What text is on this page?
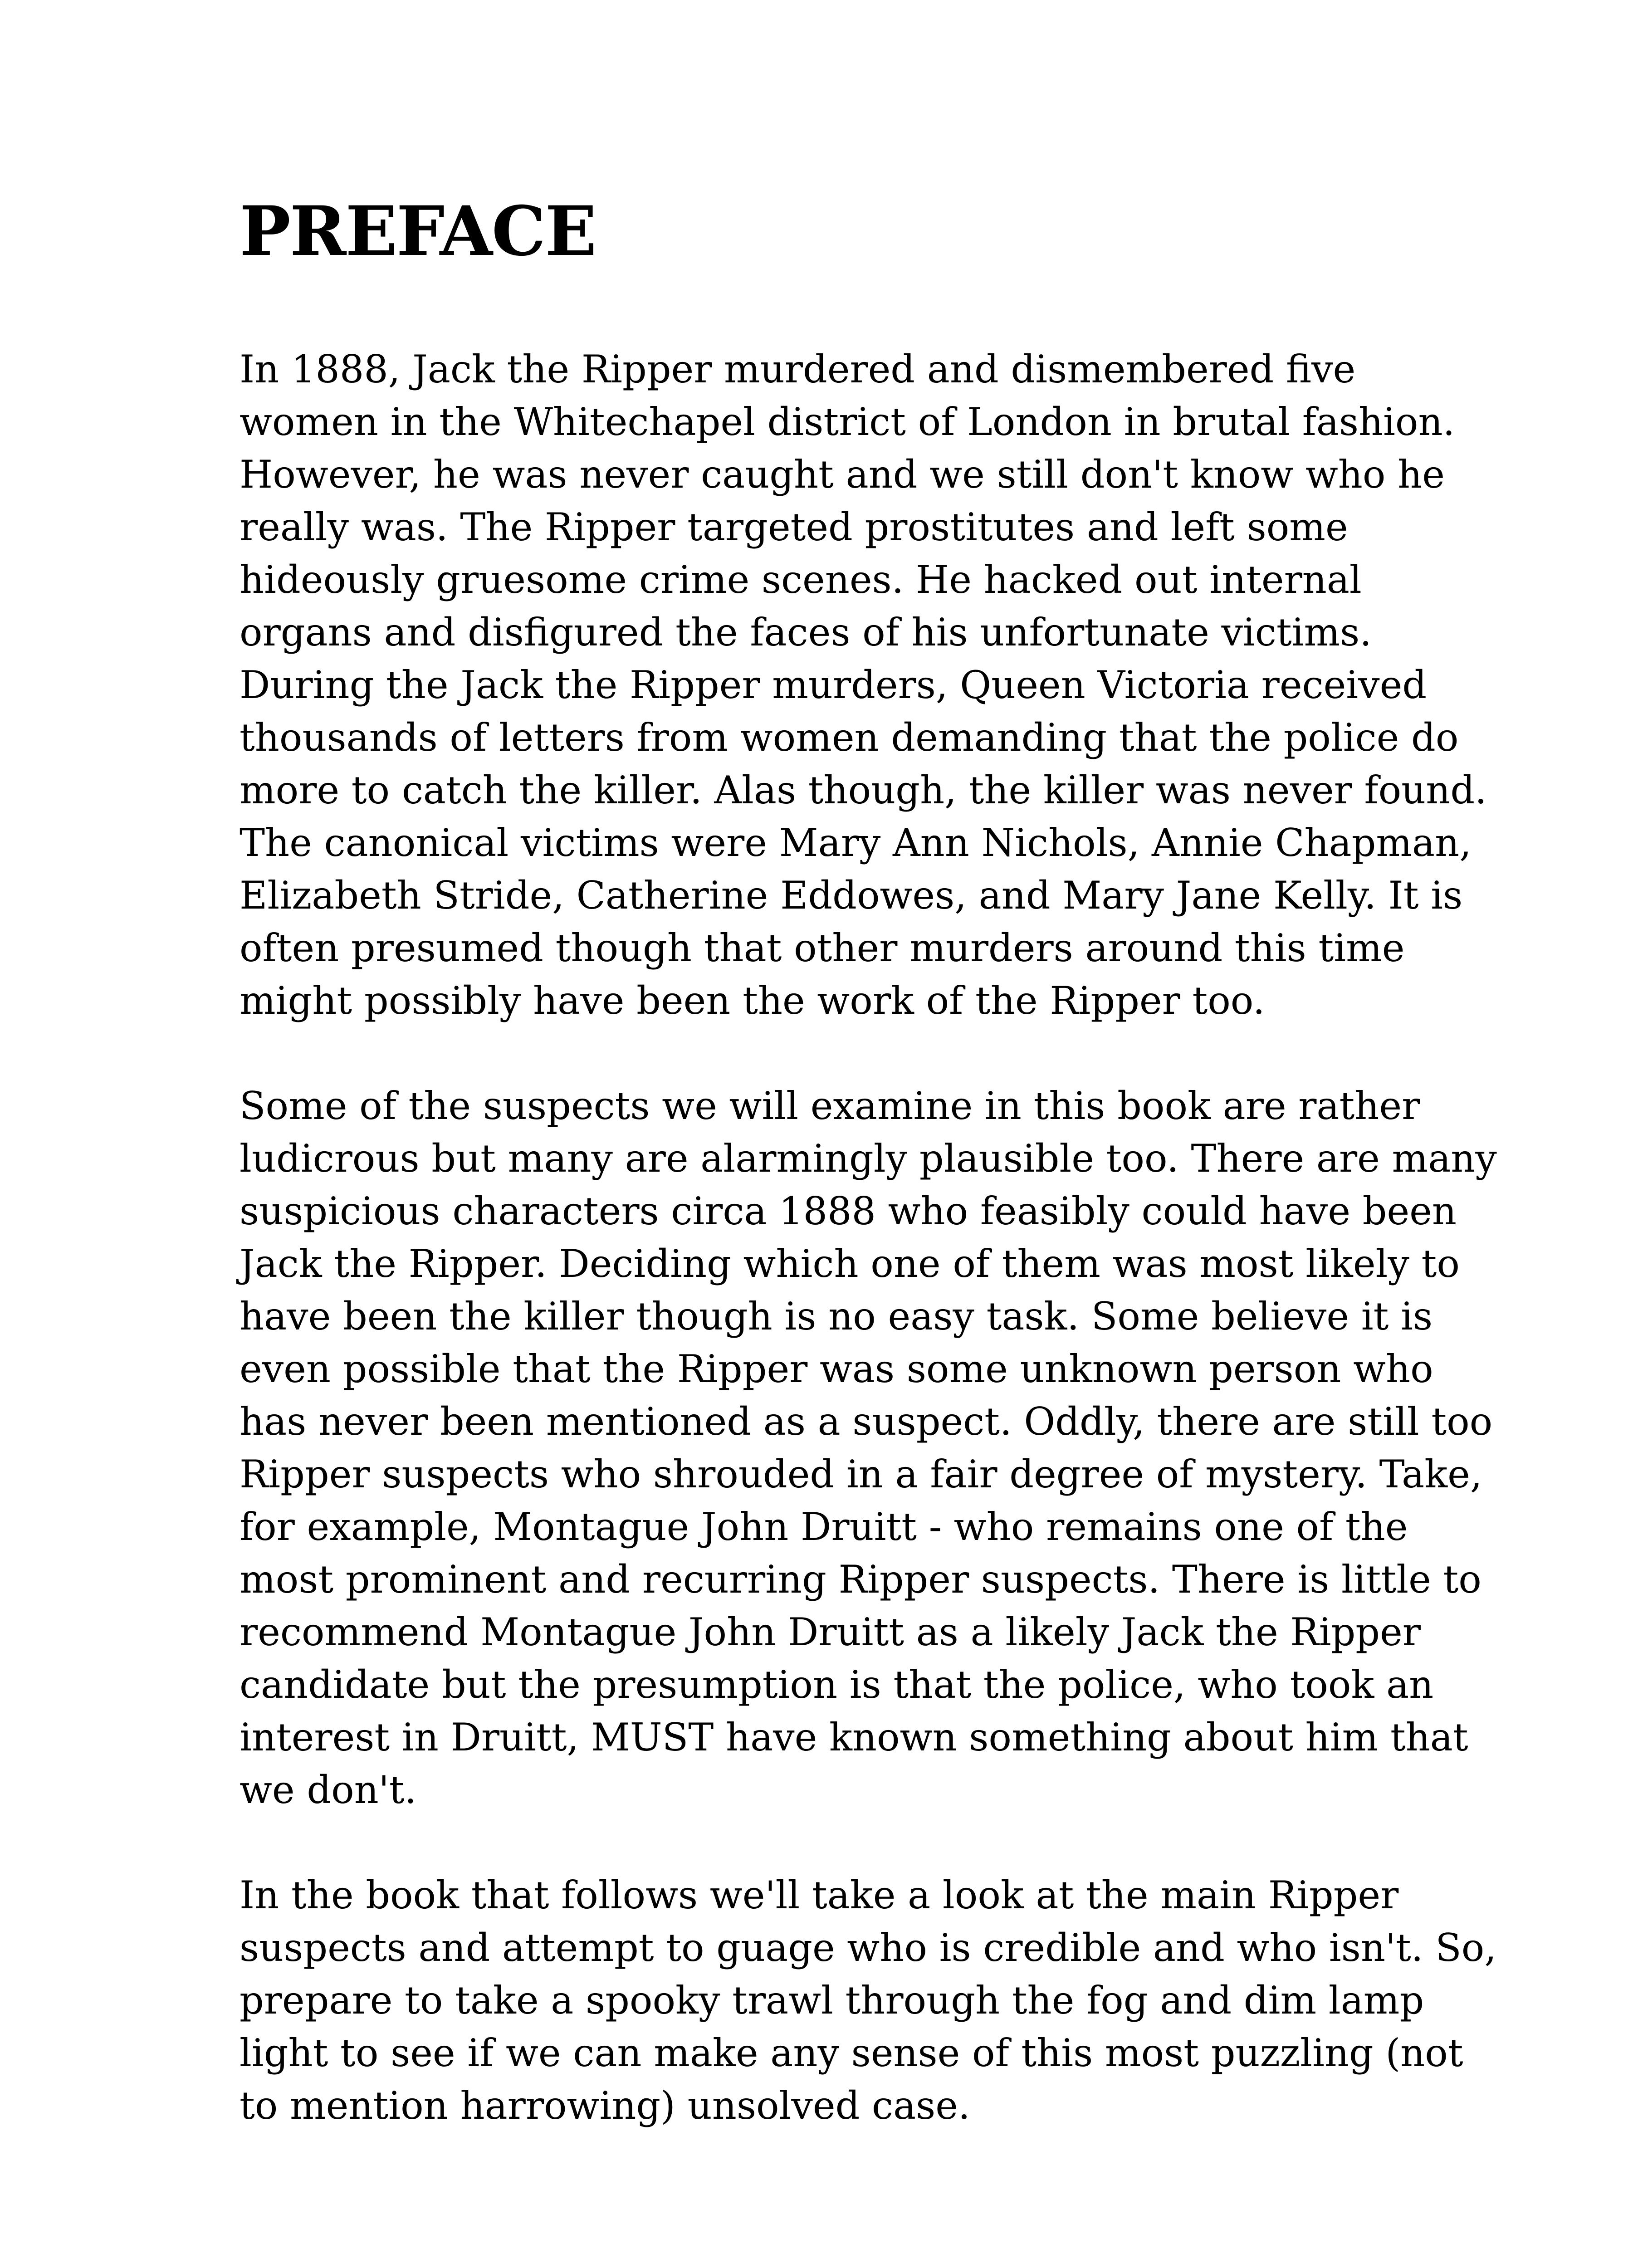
PREFACE

In 1888, Jack the Ripper murdered and dismembered five women in the Whitechapel district of London in brutal fashion. However, he was never caught and we still don't know who he really was. The Ripper targeted prostitutes and left some hideously gruesome crime scenes. He hacked out internal organs and disfigured the faces of his unfortunate victims. During the Jack the Ripper murders, Queen Victoria received thousands of letters from women demanding that the police do more to catch the killer. Alas though, the killer was never found. The canonical victims were Mary Ann Nichols, Annie Chapman, Elizabeth Stride, Catherine Eddowes, and Mary Jane Kelly. It is often presumed though that other murders around this time might possibly have been the work of the Ripper too.

Some of the suspects we will examine in this book are rather ludicrous but many are alarmingly plausible too. There are many suspicious characters circa 1888 who feasibly could have been Jack the Ripper. Deciding which one of them was most likely to have been the killer though is no easy task. Some believe it is even possible that the Ripper was some unknown person who has never been mentioned as a suspect. Oddly, there are still too Ripper suspects who shrouded in a fair degree of mystery. Take, for example, Montague John Druitt - who remains one of the most prominent and recurring Ripper suspects. There is little to recommend Montague John Druitt as a likely Jack the Ripper candidate but the presumption is that the police, who took an interest in Druitt, MUST have known something about him that we don't.

In the book that follows we'll take a look at the main Ripper suspects and attempt to guage who is credible and who isn't. So, prepare to take a spooky trawl through the fog and dim lamp light to see if we can make any sense of this most puzzling (not to mention harrowing) unsolved case.
